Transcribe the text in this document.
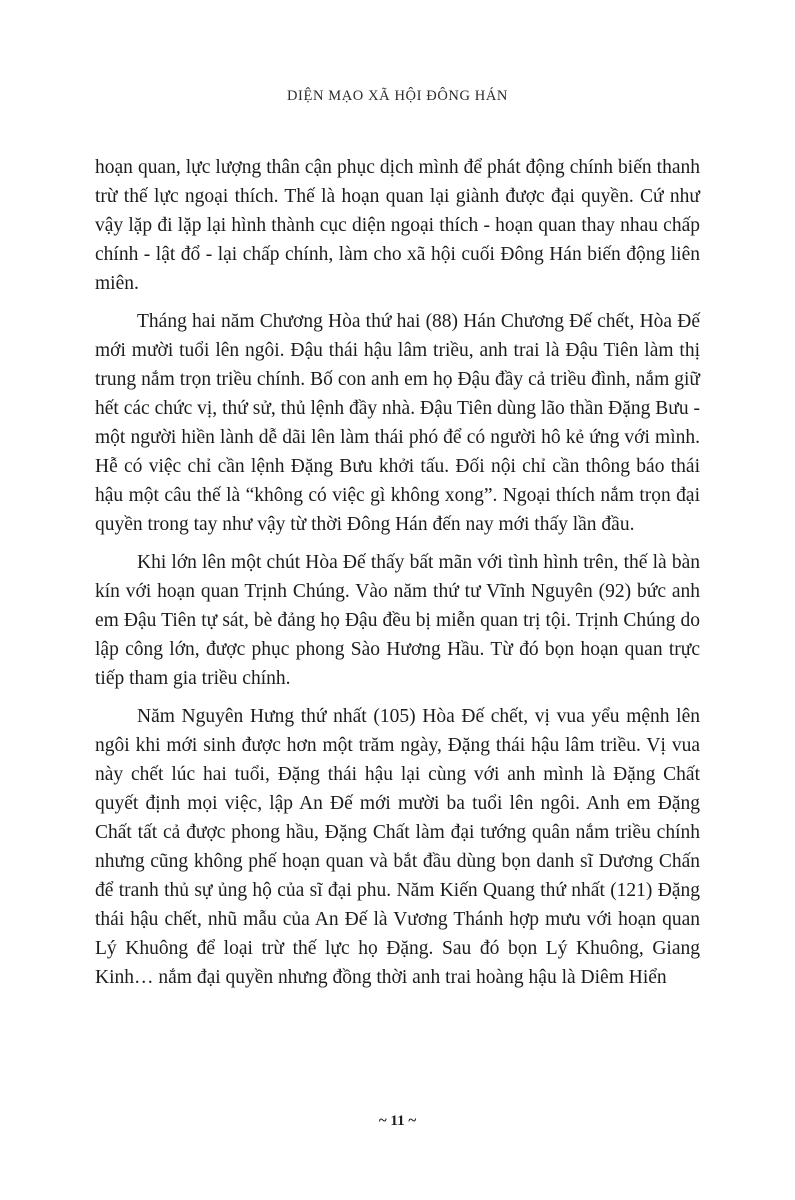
DIỆN MẠO XÃ HỘI ĐÔNG HÁN

hoạn quan, lực lượng thân cận phục dịch mình để phát động chính biến thanh trừ thế lực ngoại thích. Thế là hoạn quan lại giành được đại quyền. Cứ như vậy lặp đi lặp lại hình thành cục diện ngoại thích - hoạn quan thay nhau chấp chính - lật đổ - lại chấp chính, làm cho xã hội cuối Đông Hán biến động liên miên.

Tháng hai năm Chương Hòa thứ hai (88) Hán Chương Đế chết, Hòa Đế mới mười tuổi lên ngôi. Đậu thái hậu lâm triều, anh trai là Đậu Tiên làm thị trung nắm trọn triều chính. Bố con anh em họ Đậu đầy cả triều đình, nắm giữ hết các chức vị, thứ sử, thủ lệnh đầy nhà. Đậu Tiên dùng lão thần Đặng Bưu - một người hiền lành dễ dãi lên làm thái phó để có người hô kẻ ứng với mình. Hễ có việc chỉ cần lệnh Đặng Bưu khởi tấu. Đối nội chỉ cần thông báo thái hậu một câu thế là “không có việc gì không xong”. Ngoại thích nắm trọn đại quyền trong tay như vậy từ thời Đông Hán đến nay mới thấy lần đầu.

Khi lớn lên một chút Hòa Đế thấy bất mãn với tình hình trên, thế là bàn kín với hoạn quan Trịnh Chúng. Vào năm thứ tư Vĩnh Nguyên (92) bức anh em Đậu Tiên tự sát, bè đảng họ Đậu đều bị miễn quan trị tội. Trịnh Chúng do lập công lớn, được phục phong Sào Hương Hầu. Từ đó bọn hoạn quan trực tiếp tham gia triều chính.

Năm Nguyên Hưng thứ nhất (105) Hòa Đế chết, vị vua yểu mệnh lên ngôi khi mới sinh được hơn một trăm ngày, Đặng thái hậu lâm triều. Vị vua này chết lúc hai tuổi, Đặng thái hậu lại cùng với anh mình là Đặng Chất quyết định mọi việc, lập An Đế mới mười ba tuổi lên ngôi. Anh em Đặng Chất tất cả được phong hầu, Đặng Chất làm đại tướng quân nắm triều chính nhưng cũng không phế hoạn quan và bắt đầu dùng bọn danh sĩ Dương Chấn để tranh thủ sự ủng hộ của sĩ đại phu. Năm Kiến Quang thứ nhất (121) Đặng thái hậu chết, nhũ mẫu của An Đế là Vương Thánh hợp mưu với hoạn quan Lý Khuông để loại trừ thế lực họ Đặng. Sau đó bọn Lý Khuông, Giang Kinh… nắm đại quyền nhưng đồng thời anh trai hoàng hậu là Diêm Hiển

~ 11 ~
